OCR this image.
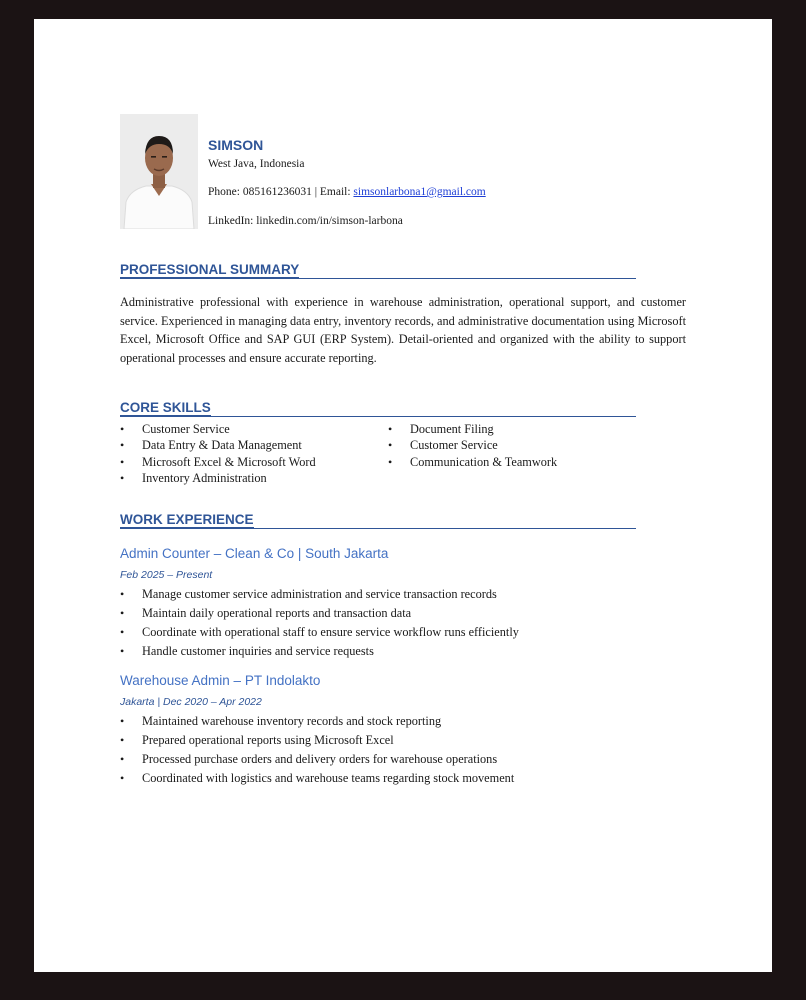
SIMSON
West Java, Indonesia
Phone: 085161236031 | Email: simsonlarbona1@gmail.com
LinkedIn: linkedin.com/in/simson-larbona
PROFESSIONAL SUMMARY
Administrative professional with experience in warehouse administration, operational support, and customer service. Experienced in managing data entry, inventory records, and administrative documentation using Microsoft Excel, Microsoft Office and SAP GUI (ERP System). Detail-oriented and organized with the ability to support operational processes and ensure accurate reporting.
CORE SKILLS
• Customer Service
• Data Entry & Data Management
• Microsoft Excel & Microsoft Word
• Inventory Administration
• Document Filing
• Customer Service
• Communication & Teamwork
WORK EXPERIENCE
Admin Counter – Clean & Co | South Jakarta
Feb 2025 – Present
• Manage customer service administration and service transaction records
• Maintain daily operational reports and transaction data
• Coordinate with operational staff to ensure service workflow runs efficiently
• Handle customer inquiries and service requests
Warehouse Admin – PT Indolakto
Jakarta | Dec 2020 – Apr 2022
• Maintained warehouse inventory records and stock reporting
• Prepared operational reports using Microsoft Excel
• Processed purchase orders and delivery orders for warehouse operations
• Coordinated with logistics and warehouse teams regarding stock movement
